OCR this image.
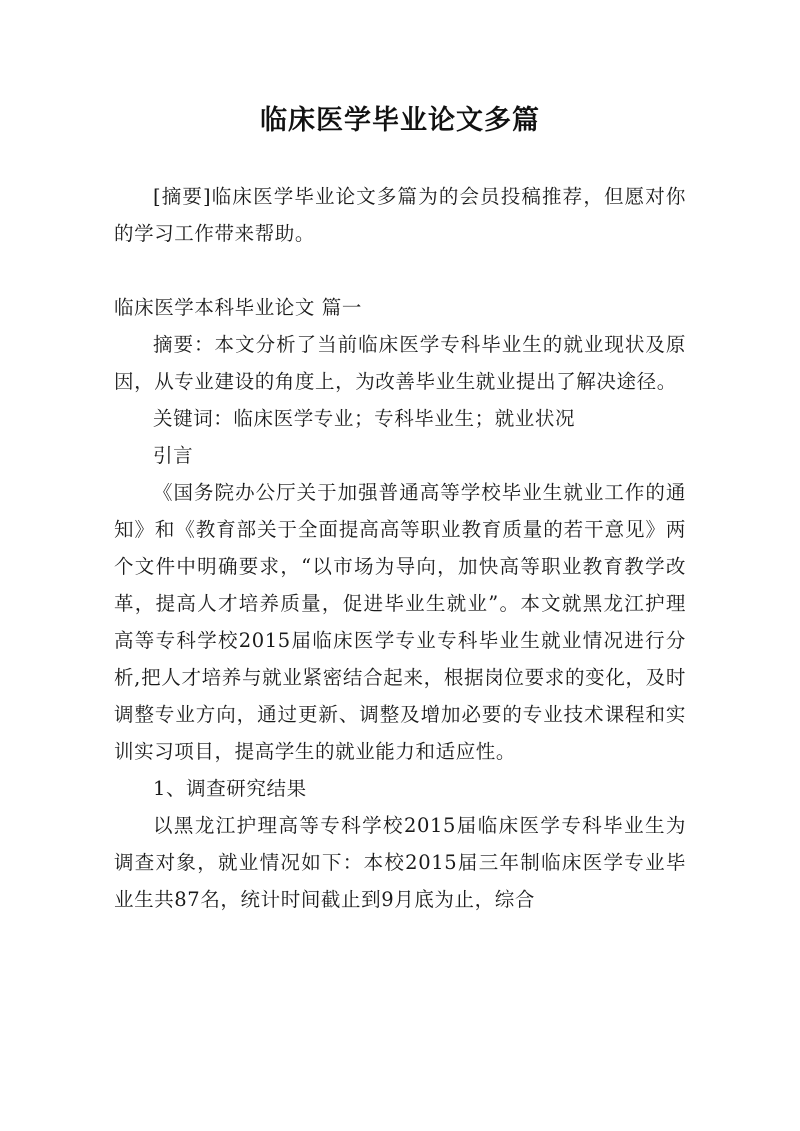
临床医学毕业论文多篇

[摘要]临床医学毕业论文多篇为的会员投稿推荐，但愿对你的学习工作带来帮助。

临床医学本科毕业论文 篇一

摘要：本文分析了当前临床医学专科毕业生的就业现状及原因，从专业建设的角度上，为改善毕业生就业提出了解决途径。

关键词：临床医学专业；专科毕业生；就业状况

引言

《国务院办公厅关于加强普通高等学校毕业生就业工作的通知》和《教育部关于全面提高高等职业教育质量的若干意见》两个文件中明确要求，“以市场为导向，加快高等职业教育教学改革，提高人才培养质量，促进毕业生就业”。本文就黑龙江护理高等专科学校2015届临床医学专业专科毕业生就业情况进行分析,把人才培养与就业紧密结合起来，根据岗位要求的变化，及时调整专业方向，通过更新、调整及增加必要的专业技术课程和实训实习项目，提高学生的就业能力和适应性。

1、调查研究结果

以黑龙江护理高等专科学校2015届临床医学专科毕业生为调查对象，就业情况如下：本校2015届三年制临床医学专业毕业生共87名，统计时间截止到9月底为止，综合
